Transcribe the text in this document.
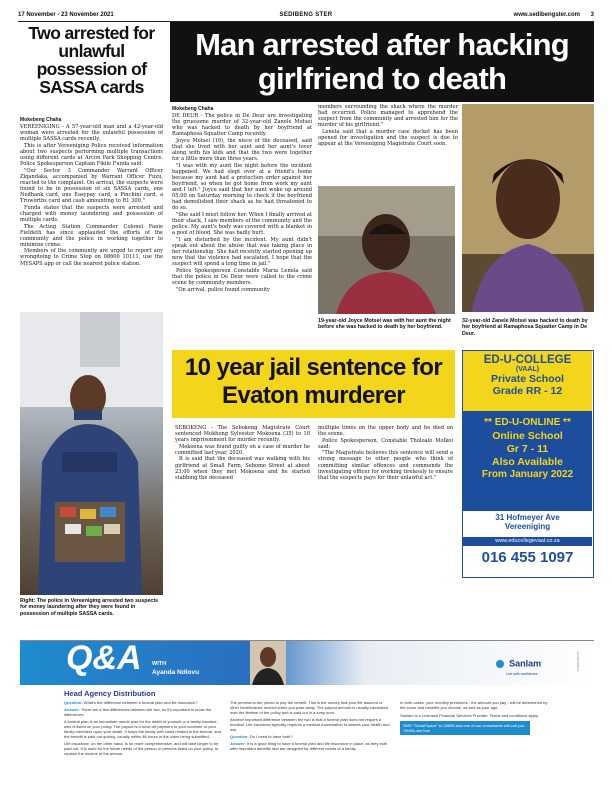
17 November - 23 November 2021	SEDIBENG STER	www.sedibengster.com 3
Two arrested for unlawful possession of SASSA cards
Mokebeng Chaha

VEREENIGING - A 57-year-old man and a 42-year-old woman were arrested for the unlawful possession of multiple SASSA cards recently.

This is after Vereeniging Police received information about two suspects performing multiple transactions using different cards at Arcon Park Shopping Centre. Police Spokesperson Captain Fikile Funda said:

"Our Sector 3 Commander Warrant Officer Ziqandaka, accompanied by Warrant Officer Fuzu, reacted to the complaint. On arrival, the suspects were found to be in possession of six SASSA cards, one Nedbank card, one Easypay card, a Pinchini card, a Truworths card and cash amounting to R1 300."

Funda states that the suspects were arrested and charged with money laundering and possession of multiple cards.

The Acting Station Commander Colonel Fanie Fieldeth has since applauded the efforts of the community and the police in working together to minimize crime.

Members of the community are urged to report any wrongdoing to Crime Stop on 08600 10111, use the MYSAPS app or call the nearest police station.

Right: The police in Vereeniging arrested two suspects for money laundering after they were found in possession of multiple SASSA cards.
Man arrested after hacking girlfriend to death
Mokebeng Chaha

DE DEUR - The police in De Deur are investigating the gruesome murder of 32-year-old Zanele Motsei who was hacked to death by her boyfriend at Ramaphosa Squatter Camp recently.

Joyce Motsei (19), the niece of the deceased, said that she lived with her aunt and her aunt's lover along with his kids and that the two were together for a little more than three years.

"I was with my aunt the night before the incident happened. We had slept over at a friend's home because my aunt had a protection order against her boyfriend, so when he got home from work my aunt and I left." Joyce said that her aunt woke up around 05:00 on Saturday morning to check if the boyfriend had demolished their shack as he had threatened to do so.

"She said I must follow her. When I finally arrived at their shack, I saw members of the community and the police. My aunt's body was covered with a blanket in a pool of blood. She was badly hurt.

"I am disturbed by the incident. My aunt didn't speak out about the abuse that was taking place in her relationship. She had recently started opening up now that the violence had escalated. I hope that the suspect will spend a long time in jail."

Police Spokesperson Constable Maria Lenela said that the police in De Deur were called to the crime scene by community members.

"On arrival, police found community

members surrounding the shack where the murder had occurred. Police managed to apprehend the suspect from the community and arrested him for the murder of his girlfriend."

Lenela said that a murder case docket has been opened for investigation and the suspect is due to appear at the Vereeniging Magistrate Court soon.

19-year-old Joyce Motsei was with her aunt the night before she was hacked to death by her boyfriend.
32-year-old Zanele Motsei was hacked to death by her boyfriend at Ramaphosa Squatter Camp in De Deur.
10 year jail sentence for Evaton murderer

SEBOKENG - The Sebokeng Magistrate Court sentenced Mokhong Sylvester Mokoena (35) to 10 years imprisonment for murder recently.

Mokoena was found guilty on a case of murder he committed last year, 2020.

It is said that the deceased was walking with his girlfriend at Small Farm, Sebome Street at about 23:00 when they met Mokoena and he started stabbing the deceased

multiple times on the upper body and he died on the scene.

Police Spokesperson, Constable Tholoalo Molkoi said:

"The Magistrate believes this sentence will send a strong message to other people who think of committing similar offences and commends the investigating officer for working tirelessly to ensure that the suspects pays for their unlawful act."

ED-U-COLLEGE
(VAAL)
Private School
Grade RR - 12
** ED-U-ONLINE **
Online School
Gr 7 - 11
Also Available
From January 2022
31 Hofmeyer Ave
Vereeniging
www.educollegevaal.co.za
016 455 1097
Q&A WITH
Ayanda Ndlovu
Sanlam
Live with confidence
ADVERTORIAL
Head Agency Distribution

Question: What's the difference between a funeral plan and life insurance?

Answer: There are a few differences between the two, so it's important to know the differences.

A funeral plan is an immediate needs plan for the death of yourself or a family member, who is listed on your policy. The payout is a once-off payment to your nominee or your family members upon your death. It helps the family with costs related to the funeral, and the benefit is paid out quickly, usually within 48 hours of the claim being submitted.

Life insurance, on the other hand, is for more comprehensive, and will take longer to be paid out. It is used for the future needs of the person or persons listed on your policy, to replace the income of the person.

The premiums are priced to pay the benefit. This is the money that your life assured or other beneficiaries receive when you pass away. The payout amount is usually calculated over the lifetime of the policy and is paid out in a lump sum.

Another important difference between the two is that a funeral plan does not require a medical. Life insurance typically requires a medical examination to assess your health and risk.

Question: Do I need to have both?

Answer: It is a good thing to have a funeral plan and life insurance in place, as they both offer important benefits and are designed for different needs of a family.

In both cases, your monthly premiums - the amount you pay - will be determined by the cover and benefits you choose, as well as your age.

Sanlam is a Licensed Financial Services Provider. Terms and conditions apply.

SMS "SocialSpace" to 33806 and one of our consultants will call you.
*SMSs are free
